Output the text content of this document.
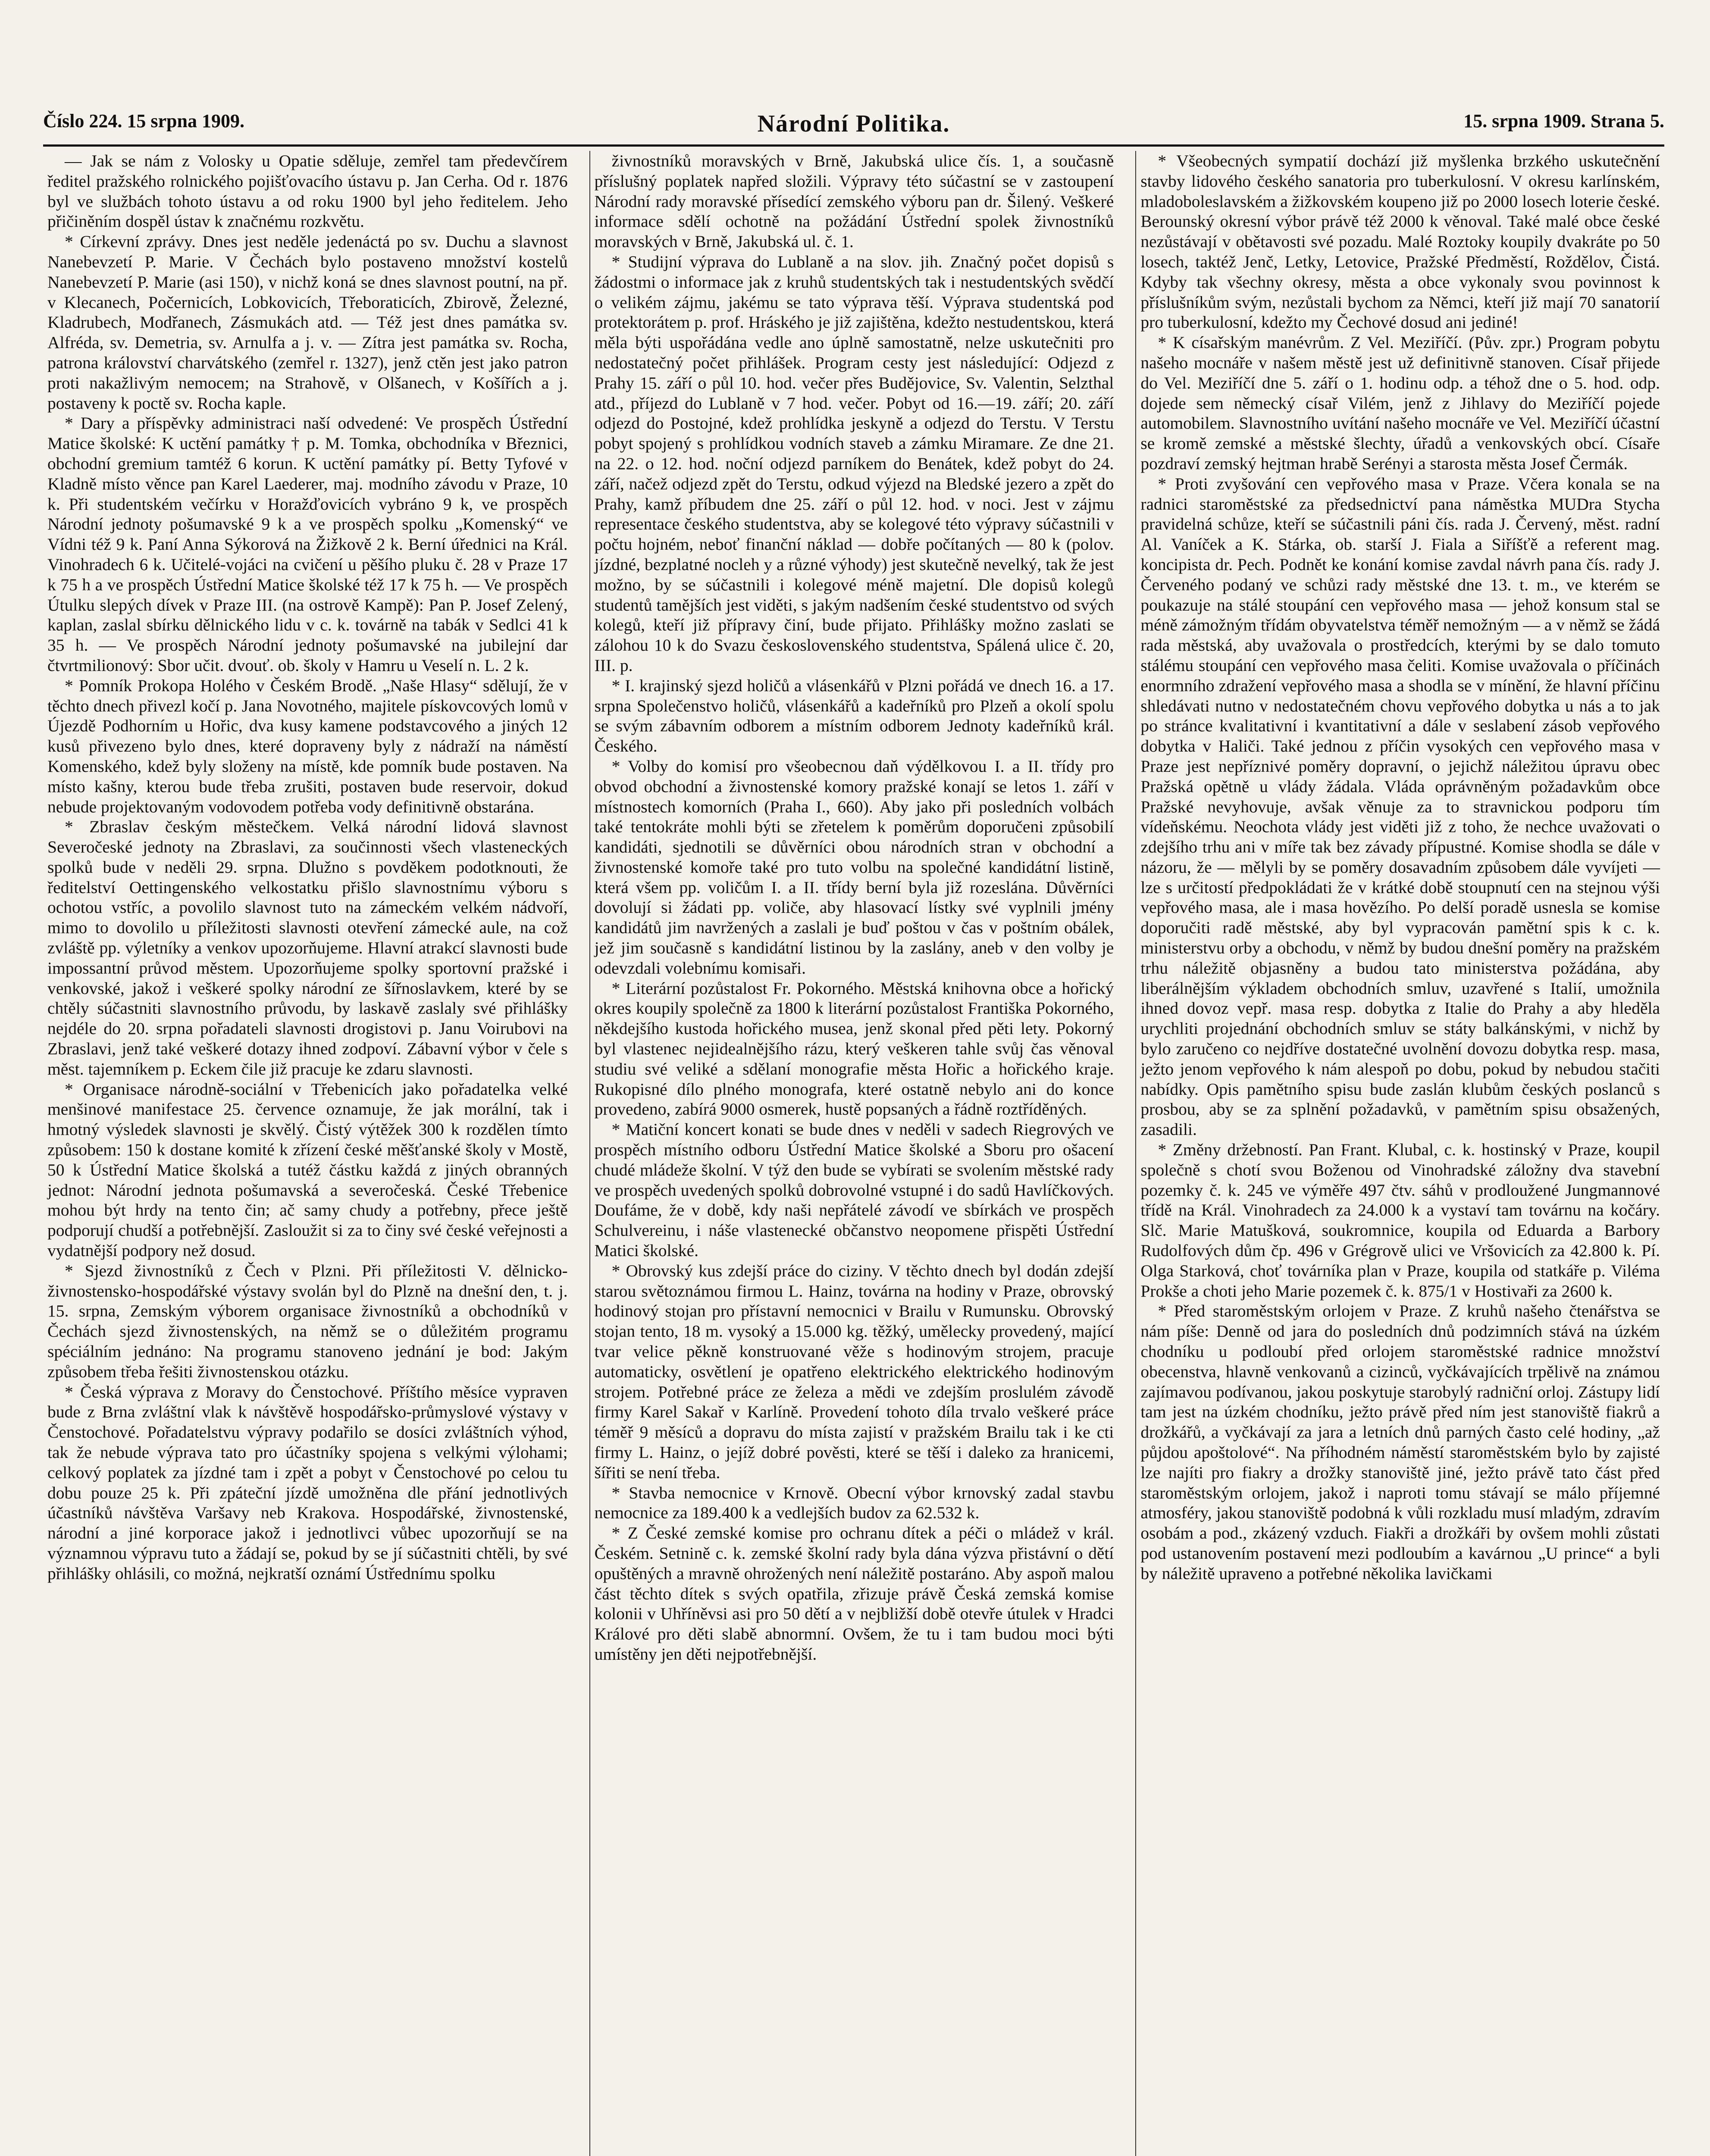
Číslo 224. 15 srpna 1909.	Národní Politika.	15. srpna 1909. Strana 5.

— Jak se nám z Volosky u Opatie sděluje, zemřel tam předevčírem ředitel pražského rolnického pojišťovacího ústavu p. Jan Cerha. Od r. 1876 byl ve službách tohoto ústavu a od roku 1900 byl jeho ředitelem. Jeho přičiněním dospěl ústav k značnému rozkvětu.

* Církevní zprávy. Dnes jest neděle jedenáctá po sv. Duchu a slavnost Nanebevzetí P. Marie. V Čechách bylo postaveno množství kostelů Nanebevzetí P. Marie (asi 150), v nichž koná se dnes slavnost poutní, na př. v Klecanech, Počernicích, Lobkovicích, Třeboraticích, Zbirově, Železné, Kladrubech, Modřanech, Zásmukách atd. — Též jest dnes památka sv. Alfréda, sv. Demetria, sv. Arnulfa a j. v. — Zítra jest památka sv. Rocha, patrona království charvátského (zemřel r. 1327), jenž ctěn jest jako patron proti nakažlivým nemocem; na Strahově, v Olšanech, v Košířích a j. postaveny k poctě sv. Rocha kaple.

* Dary a příspěvky administraci naší odvedené: Ve prospěch Ústřední Matice školské: K uctění památky † p. M. Tomka, obchodníka v Březnici, obchodní gremium tamtéž 6 korun. K uctění památky pí. Betty Tyfové v Kladně místo věnce pan Karel Laederer, maj. modního závodu v Praze, 10 k. Při studentském večírku v Horažďovicích vybráno 9 k, ve prospěch Národní jednoty pošumavské 9 k a ve prospěch spolku „Komenský“ ve Vídni též 9 k. Paní Anna Sýkorová na Žižkově 2 k. Berní úřednici na Král. Vinohradech 6 k. Učitelé-vojáci na cvičení u pěšího pluku č. 28 v Praze 17 k 75 h a ve prospěch Ústřední Matice školské též 17 k 75 h. — Ve prospěch Útulku slepých dívek v Praze III. (na ostrově Kampě): Pan P. Josef Zelený, kaplan, zaslal sbírku dělnického lidu v c. k. továrně na tabák v Sedlci 41 k 35 h. — Ve prospěch Národní jednoty pošumavské na jubilejní dar čtvrtmilionový: Sbor učit. dvouť. ob. školy v Hamru u Veselí n. L. 2 k.

* Pomník Prokopa Holého v Českém Brodě. „Naše Hlasy“ sdělují, že v těchto dnech přivezl kočí p. Jana Novotného, majitele pískovcových lomů v Újezdě Podhorním u Hořic, dva kusy kamene podstavcového a jiných 12 kusů přivezeno bylo dnes, které dopraveny byly z nádraží na náměstí Komenského, kdež byly složeny na místě, kde pomník bude postaven. Na místo kašny, kterou bude třeba zrušiti, postaven bude reservoir, dokud nebude projektovaným vodovodem potřeba vody definitivně obstarána.

* Zbraslav českým městečkem. Velká národní lidová slavnost Severočeské jednoty na Zbraslavi, za součinnosti všech vlasteneckých spolků bude v neděli 29. srpna. Dlužno s povděkem podotknouti, že ředitelství Oettingenského velkostatku přišlo slavnostnímu výboru s ochotou vstříc, a povolilo slavnost tuto na zámeckém velkém nádvoří, mimo to dovolilo u příležitosti slavnosti otevření zámecké aule, na což zvláště pp. výletníky a venkov upozorňujeme. Hlavní atrakcí slavnosti bude impossantní průvod městem. Upozorňujeme spolky sportovní pražské i venkovské, jakož i veškeré spolky národní ze šířnoslavkem, které by se chtěly súčastniti slavnostního průvodu, by laskavě zaslaly své přihlášky nejdéle do 20. srpna pořadateli slavnosti drogistovi p. Janu Voirubovi na Zbraslavi, jenž také veškeré dotazy ihned zodpoví. Zábavní výbor v čele s měst. tajemníkem p. Eckem čile již pracuje ke zdaru slavnosti.

* Organisace národně-sociální v Třebenicích jako pořadatelka velké menšinové manifestace 25. července oznamuje, že jak morální, tak i hmotný výsledek slavnosti je skvělý. Čistý výtěžek 300 k rozdělen tímto způsobem: 150 k dostane komité k zřízení české měšťanské školy v Mostě, 50 k Ústřední Matice školská a tutéž částku každá z jiných obranných jednot: Národní jednota pošumavská a severočeská. České Třebenice mohou být hrdy na tento čin; ač samy chudy a potřebny, přece ještě podporují chudší a potřebnější. Zasloužit si za to činy své české veřejnosti a vydatnější podpory než dosud.

* Sjezd živnostníků z Čech v Plzni. Při příležitosti V. dělnicko-živnostensko-hospodářské výstavy svolán byl do Plzně na dnešní den, t. j. 15. srpna, Zemským výborem organisace živnostníků a obchodníků v Čechách sjezd živnostenských, na němž se o důležitém programu spéciálním jednáno: Na programu stanoveno jednání je bod: Jakým způsobem třeba řešiti živnostenskou otázku.

* Česká výprava z Moravy do Čenstochové. Příštího měsíce vypraven bude z Brna zvláštní vlak k návštěvě hospodářsko-průmyslové výstavy v Čenstochové. Pořadatelstvu výpravy podařilo se dosíci zvláštních výhod, tak že nebude výprava tato pro účastníky spojena s velkými výlohami; celkový poplatek za jízdné tam i zpět a pobyt v Čenstochové po celou tu dobu pouze 25 k. Při zpáteční jízdě umožněna dle přání jednotlivých účastníků návštěva Varšavy neb Krakova. Hospodářské, živnostenské, národní a jiné korporace jakož i jednotlivci vůbec upozorňují se na významnou výpravu tuto a žádají se, pokud by se jí súčastniti chtěli, by své přihlášky ohlásili, co možná, nejkratší oznámí Ústřednímu spolku

živnostníků moravských v Brně, Jakubská ulice čís. 1, a současně příslušný poplatek napřed složili. Výpravy této súčastní se v zastoupení Národní rady moravské přísedící zemského výboru pan dr. Šilený. Veškeré informace sdělí ochotně na požádání Ústřední spolek živnostníků moravských v Brně, Jakubská ul. č. 1.

* Studijní výprava do Lublaně a na slov. jih. Značný počet dopisů s žádostmi o informace jak z kruhů studentských tak i nestudentských svědčí o velikém zájmu, jakému se tato výprava těší. Výprava studentská pod protektorátem p. prof. Hráského je již zajištěna, kdežto nestudentskou, která měla býti uspořádána vedle ano úplně samostatně, nelze uskutečniti pro nedostatečný počet přihlášek. Program cesty jest následující: Odjezd z Prahy 15. září o půl 10. hod. večer přes Budějovice, Sv. Valentin, Selzthal atd., příjezd do Lublaně v 7 hod. večer. Pobyt od 16.—19. září; 20. září odjezd do Postojné, kdež prohlídka jeskyně a odjezd do Terstu. V Terstu pobyt spojený s prohlídkou vodních staveb a zámku Miramare. Ze dne 21. na 22. o 12. hod. noční odjezd parníkem do Benátek, kdež pobyt do 24. září, načež odjezd zpět do Terstu, odkud výjezd na Bledské jezero a zpět do Prahy, kamž příbudem dne 25. září o půl 12. hod. v noci. Jest v zájmu representace českého studentstva, aby se kolegové této výpravy súčastnili v počtu hojném, neboť finanční náklad — dobře počítaných — 80 k (polov. jízdné, bezplatné nocleh y a různé výhody) jest skutečně nevelký, tak že jest možno, by se súčastnili i kolegové méně majetní. Dle dopisů kolegů studentů tamějších jest viděti, s jakým nadšením české studentstvo od svých kolegů, kteří již přípravy činí, bude přijato. Přihlášky možno zaslati se zálohou 10 k do Svazu československého studentstva, Spálená ulice č. 20, III. p.

* I. krajinský sjezd holičů a vlásenkářů v Plzni pořádá ve dnech 16. a 17. srpna Společenstvo holičů, vlásenkářů a kadeřníků pro Plzeň a okolí spolu se svým zábavním odborem a místním odborem Jednoty kadeřníků král. Českého.

* Volby do komisí pro všeobecnou daň výdělkovou I. a II. třídy pro obvod obchodní a živnostenské komory pražské konají se letos 1. září v místnostech komorních (Praha I., 660). Aby jako při posledních volbách také tentokráte mohli býti se zřetelem k poměrům doporučeni způsobilí kandidáti, sjednotili se důvěrníci obou národních stran v obchodní a živnostenské komoře také pro tuto volbu na společné kandidátní listině, která všem pp. voličům I. a II. třídy berní byla již rozeslána. Důvěrníci dovolují si žádati pp. voliče, aby hlasovací lístky své vyplnili jmény kandidátů jim navržených a zaslali je buď poštou v čas v poštním obálek, jež jim současně s kandidátní listinou by la zaslány, aneb v den volby je odevzdali volebnímu komisaři.

* Literární pozůstalost Fr. Pokorného. Městská knihovna obce a hořický okres koupily společně za 1800 k literární pozůstalost Františka Pokorného, někdejšího kustoda hořického musea, jenž skonal před pěti lety. Pokorný byl vlastenec nejidealnějšího rázu, který veškeren tahle svůj čas věnoval studiu své veliké a sdělaní monografie města Hořic a hořického kraje. Rukopisné dílo plného monografa, které ostatně nebylo ani do konce provedeno, zabírá 9000 osmerek, hustě popsaných a řádně roztříděných.

* Matiční koncert konati se bude dnes v neděli v sadech Riegrových ve prospěch místního odboru Ústřední Matice školské a Sboru pro ošacení chudé mládeže školní. V týž den bude se vybírati se svolením městské rady ve prospěch uvedených spolků dobrovolné vstupné i do sadů Havlíčkových. Doufáme, že v době, kdy naši nepřátelé závodí ve sbírkách ve prospěch Schulvereinu, i náše vlastenecké občanstvo neopomene přispěti Ústřední Matici školské.

* Obrovský kus zdejší práce do ciziny. V těchto dnech byl dodán zdejší starou světoznámou firmou L. Hainz, továrna na hodiny v Praze, obrovský hodinový stojan pro přístavní nemocnici v Brailu v Rumunsku. Obrovský stojan tento, 18 m. vysoký a 15.000 kg. těžký, umělecky provedený, mající tvar velice pěkně konstruované věže s hodinovým strojem, pracuje automaticky, osvětlení je opatřeno elektrického elektrického hodinovým strojem. Potřebné práce ze železa a mědi ve zdejším proslulém závodě firmy Karel Sakař v Karlíně. Provedení tohoto díla trvalo veškeré práce téměř 9 měsíců a dopravu do místa zajistí v pražském Brailu tak i ke cti firmy L. Hainz, o jejíž dobré pověsti, které se těší i daleko za hranicemi, šířiti se není třeba.

* Stavba nemocnice v Krnově. Obecní výbor krnovský zadal stavbu nemocnice za 189.400 k a vedlejších budov za 62.532 k.

* Z České zemské komise pro ochranu dítek a péči o mládež v král. Českém. Setnině c. k. zemské školní rady byla dána výzva přistávní o dětí opuštěných a mravně ohrožených není náležitě postaráno. Aby aspoň malou část těchto dítek s svých opatřila, zřizuje právě Česká zemská komise kolonii v Uhříněvsi asi pro 50 dětí a v nejbližší době otevře útulek v Hradci Králové pro děti slabě abnormní. Ovšem, že tu i tam budou moci býti umístěny jen děti nejpotřebnější.

* Všeobecných sympatií dochází již myšlenka brzkého uskutečnění stavby lidového českého sanatoria pro tuberkulosní. V okresu karlínském, mladoboleslavském a žižkovském koupeno již po 2000 losech loterie české. Berounský okresní výbor právě též 2000 k věnoval. Také malé obce české nezůstávají v obětavosti své pozadu. Malé Roztoky koupily dvakráte po 50 losech, taktéž Jenč, Letky, Letovice, Pražské Předměstí, Roždělov, Čistá. Kdyby tak všechny okresy, města a obce vykonaly svou povinnost k příslušníkům svým, nezůstali bychom za Němci, kteří již mají 70 sanatorií pro tuberkulosní, kdežto my Čechové dosud ani jediné!

* K císařským manévrům. Z Vel. Meziříčí. (Pův. zpr.) Program pobytu našeho mocnáře v našem městě jest už definitivně stanoven. Císař přijede do Vel. Meziříčí dne 5. září o 1. hodinu odp. a téhož dne o 5. hod. odp. dojede sem německý císař Vilém, jenž z Jihlavy do Meziříčí pojede automobilem. Slavnostního uvítání našeho mocnáře ve Vel. Meziříčí účastní se kromě zemské a městské šlechty, úřadů a venkovských obcí. Císaře pozdraví zemský hejtman hrabě Serényi a starosta města Josef Čermák.

* Proti zvyšování cen vepřového masa v Praze. Včera konala se na radnici staroměstské za předsednictví pana náměstka MUDra Stycha pravidelná schůze, kteří se súčastnili páni čís. rada J. Červený, měst. radní Al. Vaníček a K. Stárka, ob. starší J. Fiala a Siříšťě a referent mag. koncipista dr. Pech. Podnět ke konání komise zavdal návrh pana čís. rady J. Červeného podaný ve schůzi rady městské dne 13. t. m., ve kterém se poukazuje na stálé stoupání cen vepřového masa — jehož konsum stal se méně zámožným třídám obyvatelstva téměř nemožným — a v němž se žádá rada městská, aby uvažovala o prostředcích, kterými by se dalo tomuto stálému stoupání cen vepřového masa čeliti. Komise uvažovala o příčinách enormního zdražení vepřového masa a shodla se v mínění, že hlavní příčinu shledávati nutno v nedostatečném chovu vepřového dobytka u nás a to jak po stránce kvalitativní i kvantitativní a dále v seslabení zásob vepřového dobytka v Haliči. Také jednou z příčin vysokých cen vepřového masa v Praze jest nepříznivé poměry dopravní, o jejichž náležitou úpravu obec Pražská opětně u vlády žádala. Vláda oprávněným požadavkům obce Pražské nevyhovuje, avšak věnuje za to stravnickou podporu tím vídeňskému. Neochota vlády jest viděti již z toho, že nechce uvažovati o zdejšího trhu ani v míře tak bez závady přípustné. Komise shodla se dále v názoru, že — mělyli by se poměry dosavadním způsobem dále vyvíjeti — lze s určitostí předpokládati že v krátké době stoupnutí cen na stejnou výši vepřového masa, ale i masa hovězího. Po delší poradě usnesla se komise doporučiti radě městské, aby byl vypracován pamětní spis k c. k. ministerstvu orby a obchodu, v němž by budou dnešní poměry na pražském trhu náležitě objasněny a budou tato ministerstva požádána, aby liberálnějším výkladem obchodních smluv, uzavřené s Italií, umožnila ihned dovoz vepř. masa resp. dobytka z Italie do Prahy a aby hleděla urychliti projednání obchodních smluv se státy balkánskými, v nichž by bylo zaručeno co nejdříve dostatečné uvolnění dovozu dobytka resp. masa, ježto jenom vepřového k nám alespoň po dobu, pokud by nebudou stačiti nabídky. Opis pamětního spisu bude zaslán klubům českých poslanců s prosbou, aby se za splnění požadavků, v pamětním spisu obsažených, zasadili.

* Změny držebností. Pan Frant. Klubal, c. k. hostinský v Praze, koupil společně s chotí svou Boženou od Vinohradské záložny dva stavební pozemky č. k. 245 ve výměře 497 čtv. sáhů v prodloužené Jungmannové třídě na Král. Vinohradech za 24.000 k a vystaví tam továrnu na kočáry. Slč. Marie Matušková, soukromnice, koupila od Eduarda a Barbory Rudolfových dům čp. 496 v Grégrově ulici ve Vršovicích za 42.800 k. Pí. Olga Starková, choť továrníka plan v Praze, koupila od statkáře p. Viléma Prokše a choti jeho Marie pozemek č. k. 875/1 v Hostivaři za 2600 k.

* Před staroměstským orlojem v Praze. Z kruhů našeho čtenářstva se nám píše: Denně od jara do posledních dnů podzimních stává na úzkém chodníku u podloubí před orlojem staroměstské radnice množství obecenstva, hlavně venkovanů a cizinců, vyčkávajících trpělivě na známou zajímavou podívanou, jakou poskytuje starobylý radniční orloj. Zástupy lidí tam jest na úzkém chodníku, ježto právě před ním jest stanoviště fiakrů a drožkářů, a vyčkávají za jara a letních dnů parných často celé hodiny, „až půjdou apoštolové“. Na příhodném náměstí staroměstském bylo by zajisté lze najíti pro fiakry a drožky stanoviště jiné, ježto právě tato část před staroměstským orlojem, jakož i naproti tomu stávají se málo příjemné atmosféry, jakou stanoviště podobná k vůli rozkladu musí mladým, zdravím osobám a pod., zkázený vzduch. Fiakři a drožkáři by ovšem mohli zůstati pod ustanovením postavení mezi podloubím a kavárnou „U prince“ a byli by náležitě upraveno a potřebné několika lavičkami
